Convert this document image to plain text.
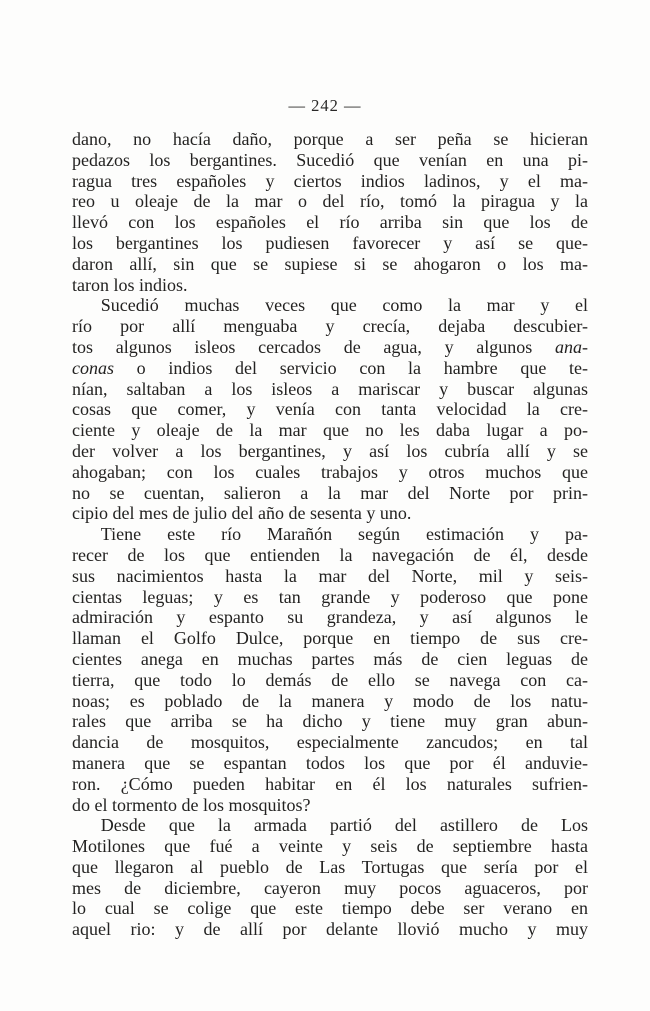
— 242 —
dano, no hacía daño, porque a ser peña se hicieran
pedazos los bergantines. Sucedió que venían en una pi-
ragua tres españoles y ciertos indios ladinos, y el ma-
reo u oleaje de la mar o del río, tomó la piragua y la
llevó con los españoles el río arriba sin que los de
los bergantines los pudiesen favorecer y así se que-
daron allí, sin que se supiese si se ahogaron o los ma-
taron los indios.
Sucedió muchas veces que como la mar y el
río por allí menguaba y crecía, dejaba descubier-
tos algunos isleos cercados de agua, y algunos ana-
conas o indios del servicio con la hambre que te-
nían, saltaban a los isleos a mariscar y buscar algunas
cosas que comer, y venía con tanta velocidad la cre-
ciente y oleaje de la mar que no les daba lugar a po-
der volver a los bergantines, y así los cubría allí y se
ahogaban; con los cuales trabajos y otros muchos que
no se cuentan, salieron a la mar del Norte por prin-
cipio del mes de julio del año de sesenta y uno.
Tiene este río Marañón según estimación y pa-
recer de los que entienden la navegación de él, desde
sus nacimientos hasta la mar del Norte, mil y seis-
cientas leguas; y es tan grande y poderoso que pone
admiración y espanto su grandeza, y así algunos le
llaman el Golfo Dulce, porque en tiempo de sus cre-
cientes anega en muchas partes más de cien leguas de
tierra, que todo lo demás de ello se navega con ca-
noas; es poblado de la manera y modo de los natu-
rales que arriba se ha dicho y tiene muy gran abun-
dancia de mosquitos, especialmente zancudos; en tal
manera que se espantan todos los que por él anduvie-
ron. ¿Cómo pueden habitar en él los naturales sufrien-
do el tormento de los mosquitos?
Desde que la armada partió del astillero de Los
Motilones que fué a veinte y seis de septiembre hasta
que llegaron al pueblo de Las Tortugas que sería por el
mes de diciembre, cayeron muy pocos aguaceros, por
lo cual se colige que este tiempo debe ser verano en
aquel rio: y de allí por delante llovió mucho y muy
